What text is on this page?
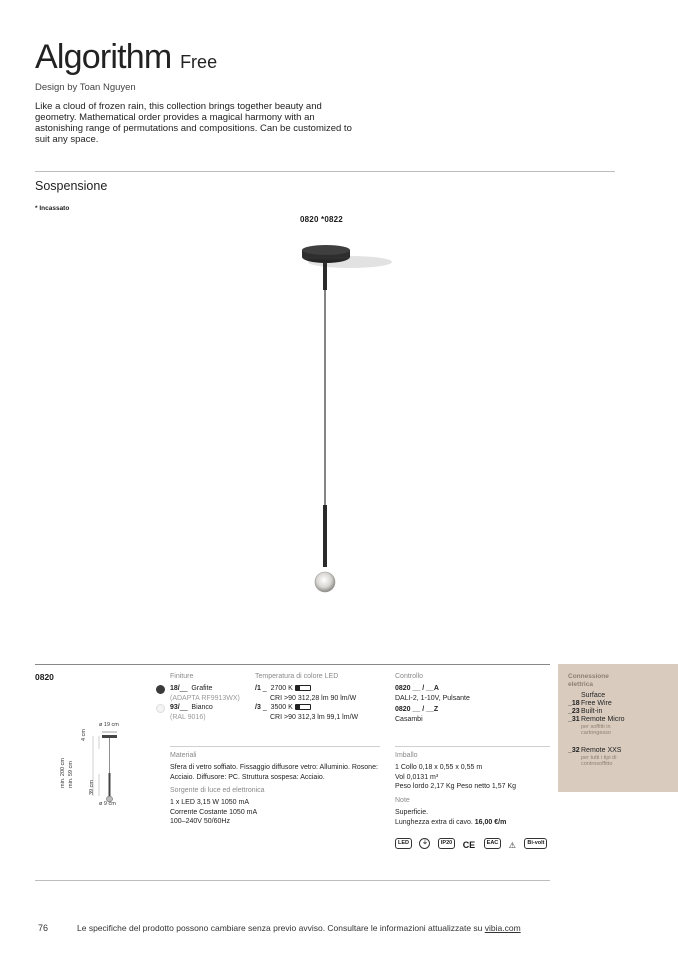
Algorithm Free
Design by Toan Nguyen
Like a cloud of frozen rain, this collection brings together beauty and geometry. Mathematical order provides a magical harmony with an astonishing range of permutations and compositions. Can be customized to suit any space.
Sospensione
* Incassato
0820 *0822
0820
ø 19 cm
4 cm
min. 200 cm min. 59 cm	39 cm
ø 9 cm
Finiture
18/__ Grafite
(ADAPTA RF9913WX)
93/__ Bianco
(RAL 9016)
Temperatura di colore LED
/1 _ 2700 K
CRI >90 312,28 lm 90 lm/W
/3 _ 3500 K
CRI >90 312,3 lm 99,1 lm/W
Controllo
0820 __ / __A
DALI-2, 1-10V, Pulsante
0820 __ / __Z
Casambi
Connessione elettrica
Surface
_18Free Wire
_23Built-in
_31Remote Micro
per soffitti in cartongesso
_32Remote XXS
per tutti i tipi di controsoffitto
Materiali
Sfera di vetro soffiato. Fissaggio diffusore vetro: Alluminio. Rosone: Acciaio. Diffusore: PC. Struttura sospesa: Acciaio.
Sorgente di luce ed elettronica
1 x LED 3,15 W 1050 mA
Corrente Costante 1050 mA
100–240V 50/60Hz
Imballo
1 Collo 0,18 x 0,55 x 0,55 m
Vol 0,0131 m³
Peso lordo 2,17 Kg Peso netto 1,57 Kg
Note
Superficie.
Lunghezza extra di cavo. 16,00 €/m
LED ⏚ IP20 CE EAC ⚠ Bi-volt
76	Le specifiche del prodotto possono cambiare senza previo avviso. Consultare le informazioni attualizzate su vibia.com
